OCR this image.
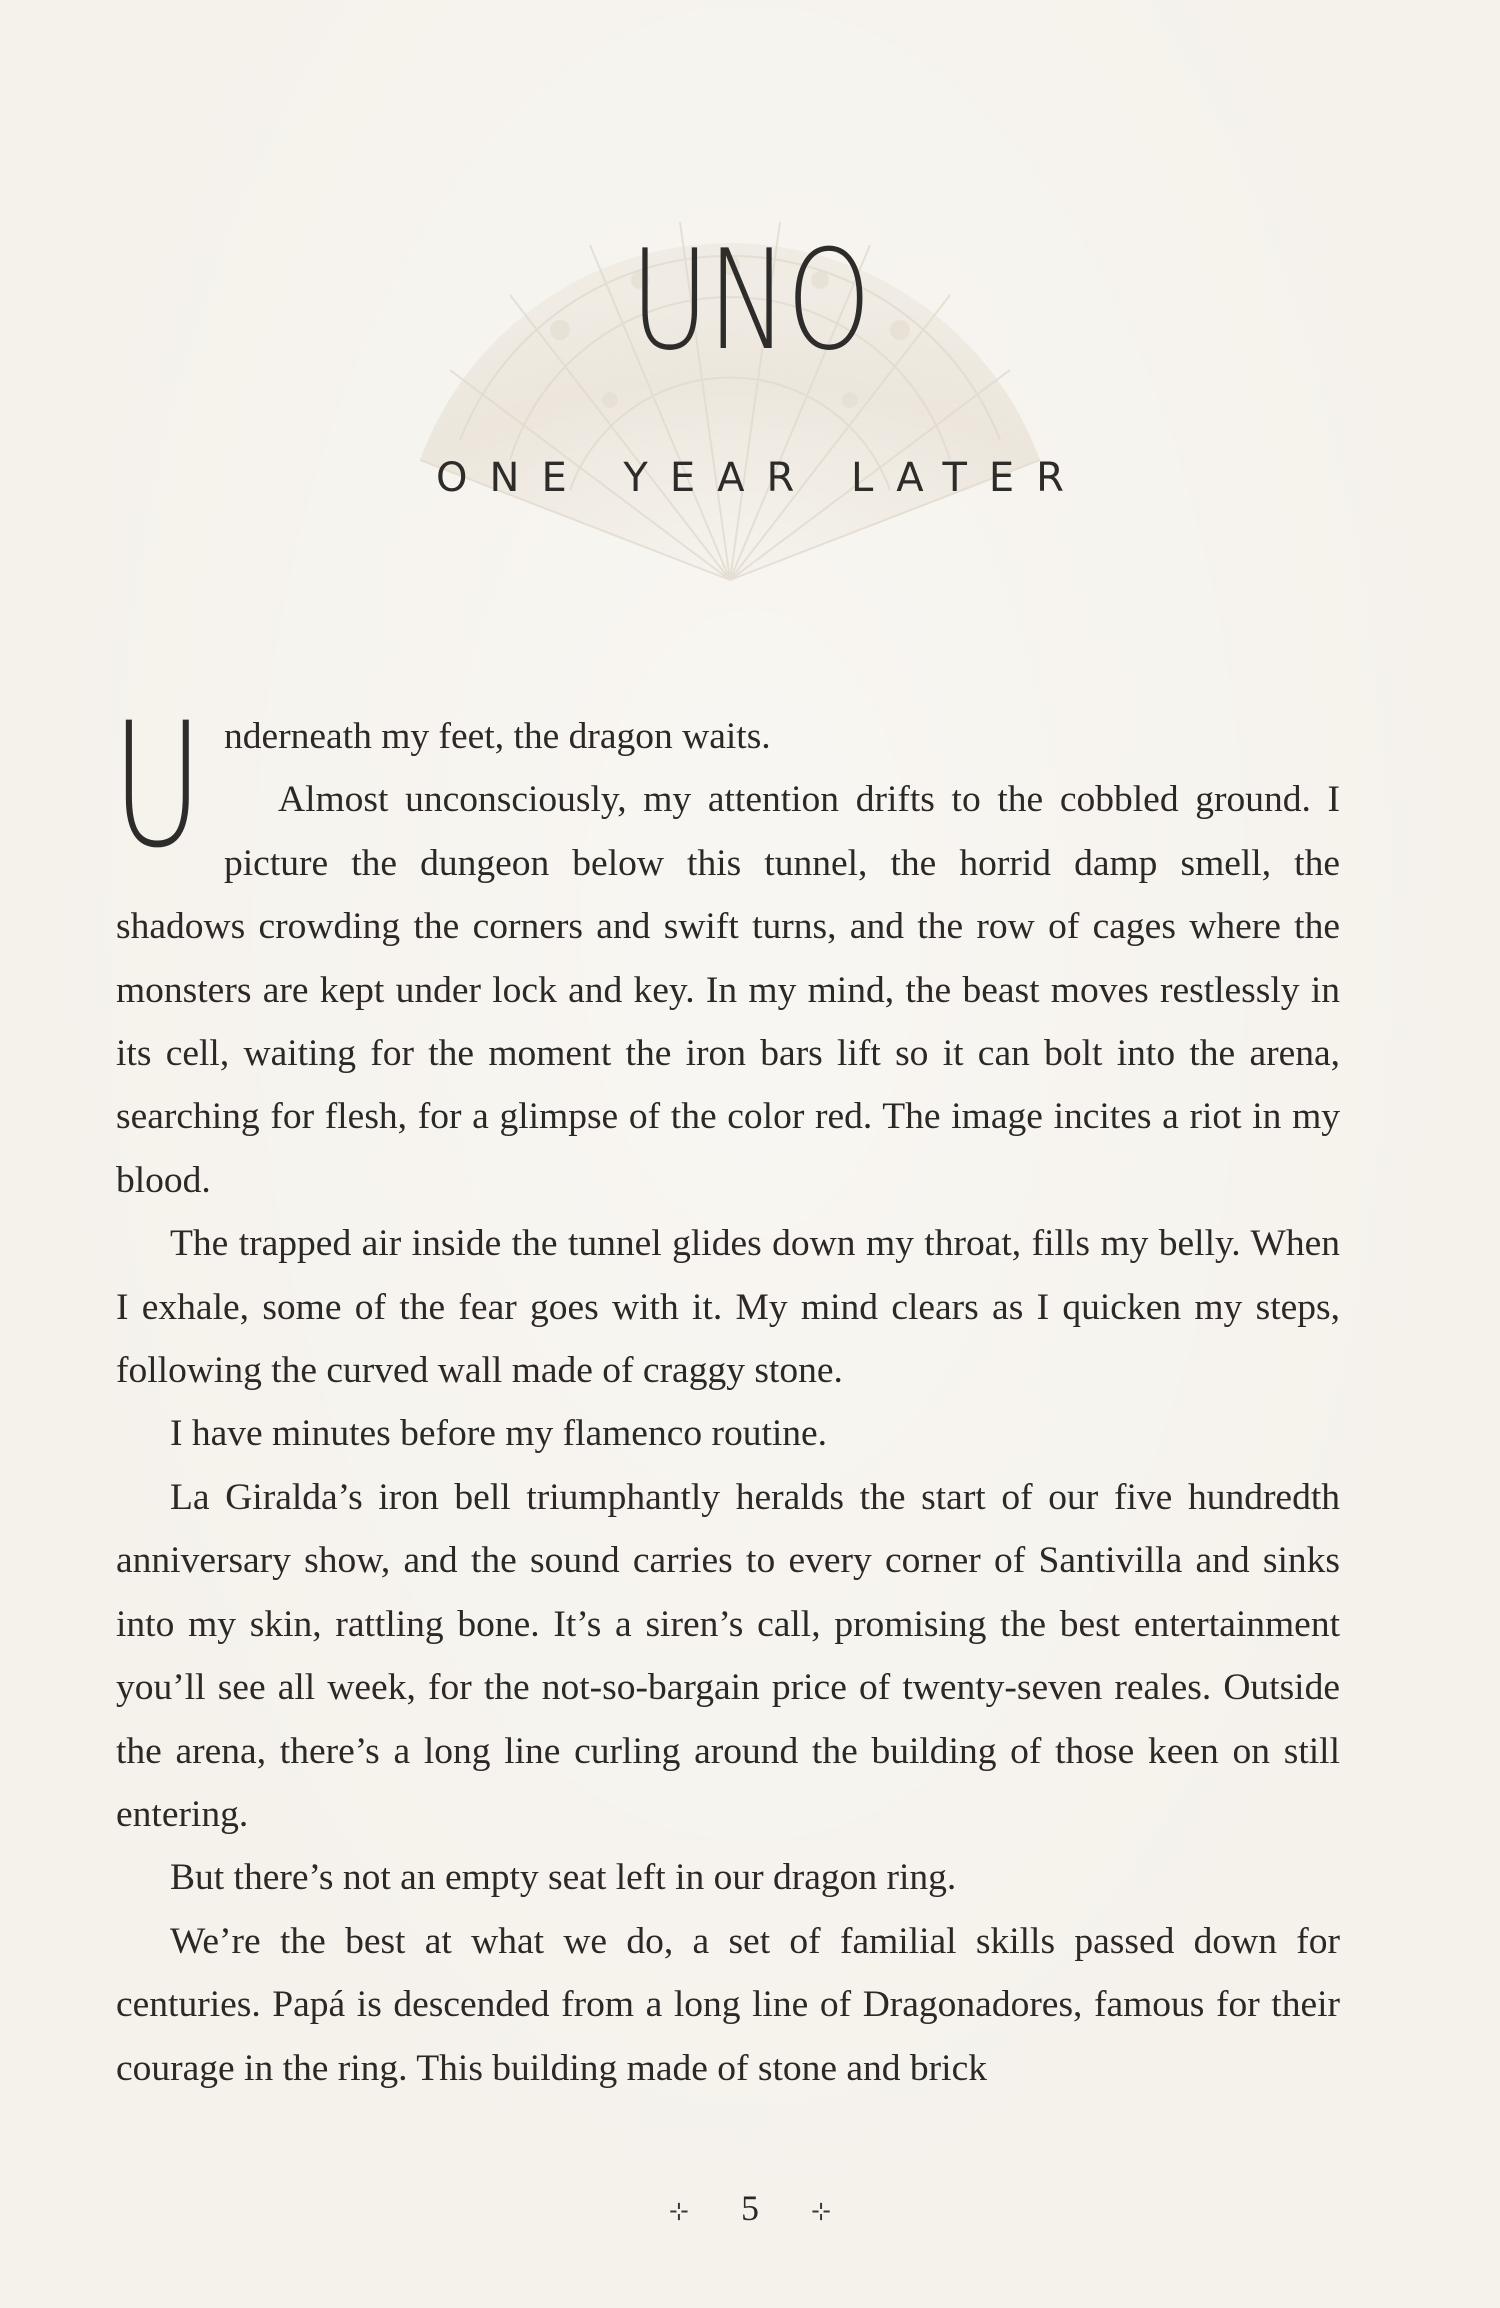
UNO
ONE YEAR LATER
U nderneath my feet, the dragon waits.

Almost unconsciously, my attention drifts to the cobbled ground. I picture the dungeon below this tunnel, the horrid damp smell, the shadows crowding the corners and swift turns, and the row of cages where the monsters are kept under lock and key. In my mind, the beast moves restlessly in its cell, waiting for the moment the iron bars lift so it can bolt into the arena, searching for flesh, for a glimpse of the color red. The image incites a riot in my blood.

The trapped air inside the tunnel glides down my throat, fills my belly. When I exhale, some of the fear goes with it. My mind clears as I quicken my steps, following the curved wall made of craggy stone.

I have minutes before my flamenco routine.

La Giralda’s iron bell triumphantly heralds the start of our five hundredth anniversary show, and the sound carries to every corner of Santivilla and sinks into my skin, rattling bone. It’s a siren’s call, promising the best entertainment you’ll see all week, for the not-so-bargain price of twenty-seven reales. Outside the arena, there’s a long line curling around the building of those keen on still entering.

But there’s not an empty seat left in our dragon ring.

We’re the best at what we do, a set of familial skills passed down for centuries. Papá is descended from a long line of Dragonadores, famous for their courage in the ring. This building made of stone and brick

⊹ 5 ⊹
